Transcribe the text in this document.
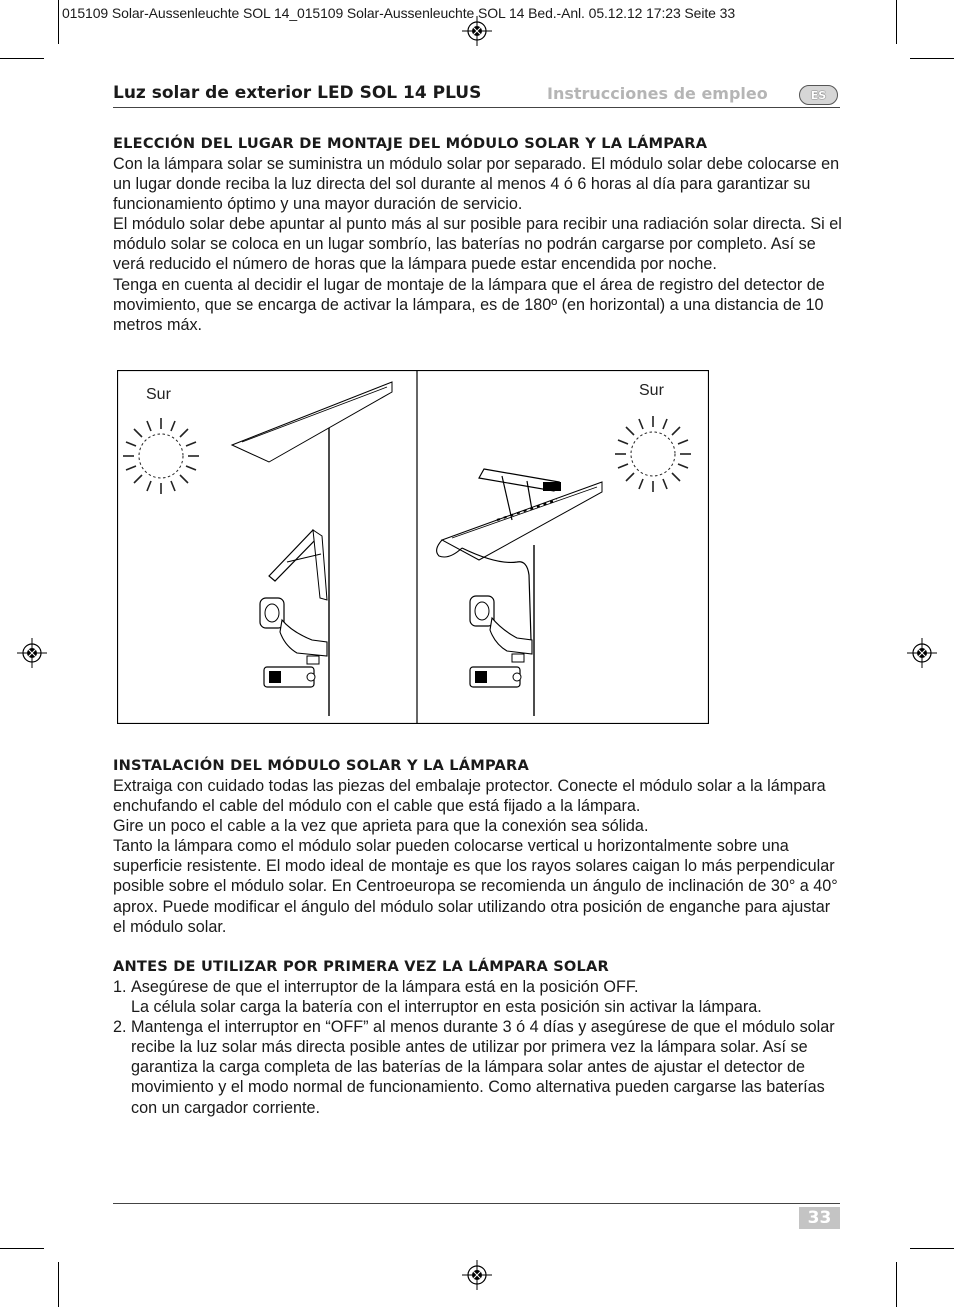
015109 Solar-Aussenleuchte SOL 14_015109 Solar-Aussenleuchte SOL 14 Bed.-Anl. 05.12.12 17:23 Seite 33
Luz solar de exterior LED SOL 14 PLUS	Instrucciones de empleo	ES
ELECCIÓN DEL LUGAR DE MONTAJE DEL MÓDULO SOLAR Y LA LÁMPARA

Con la lámpara solar se suministra un módulo solar por separado. El módulo solar debe colocarse en un lugar donde reciba la luz directa del sol durante al menos 4 ó 6 horas al día para garantizar su funcionamiento óptimo y una mayor duración de servicio.

El módulo solar debe apuntar al punto más al sur posible para recibir una radiación solar directa. Si el módulo solar se coloca en un lugar sombrío, las baterías no podrán cargarse por completo. Así se verá reducido el número de horas que la lámpara puede estar encendida por noche.

Tenga en cuenta al decidir el lugar de montaje de la lámpara que el área de registro del detector de movimiento, que se encarga de activar la lámpara, es de 180º (en horizontal) a una distancia de 10 metros máx.

Sur	Sur
INSTALACIÓN DEL MÓDULO SOLAR Y LA LÁMPARA

Extraiga con cuidado todas las piezas del embalaje protector. Conecte el módulo solar a la lámpara enchufando el cable del módulo con el cable que está fijado a la lámpara.

Gire un poco el cable a la vez que aprieta para que la conexión sea sólida.

Tanto la lámpara como el módulo solar pueden colocarse vertical u horizontalmente sobre una superficie resistente. El modo ideal de montaje es que los rayos solares caigan lo más perpendicular posible sobre el módulo solar. En Centroeuropa se recomienda un ángulo de inclinación de 30° a 40° aprox. Puede modificar el ángulo del módulo solar utilizando otra posición de enganche para ajustar el módulo solar.

ANTES DE UTILIZAR POR PRIMERA VEZ LA LÁMPARA SOLAR
1. Asegúrese de que el interruptor de la lámpara está en la posición OFF.
La célula solar carga la batería con el interruptor en esta posición sin activar la lámpara.
2. Mantenga el interruptor en “OFF” al menos durante 3 ó 4 días y asegúrese de que el módulo solar recibe la luz solar más directa posible antes de utilizar por primera vez la lámpara solar. Así se garantiza la carga completa de las baterías de la lámpara solar antes de ajustar el detector de movimiento y el modo normal de funcionamiento. Como alternativa pueden cargarse las baterías con un cargador corriente.
33
